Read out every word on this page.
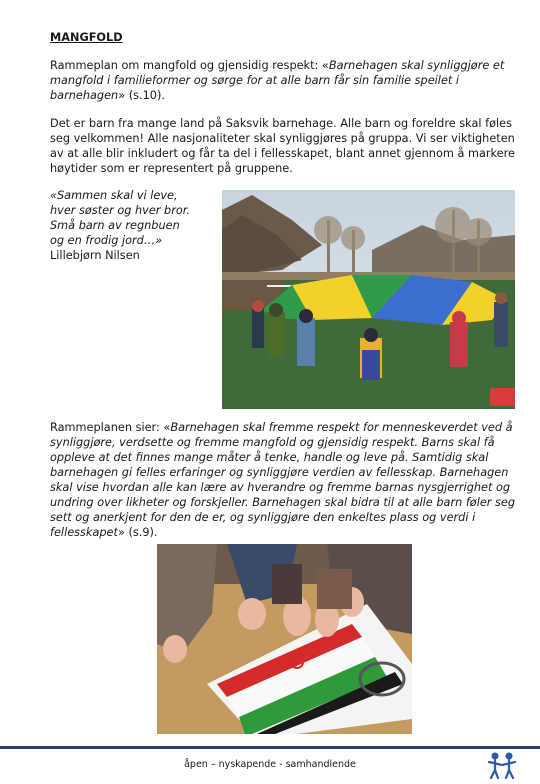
MANGFOLD
Rammeplan om mangfold og gjensidig respekt: «Barnehagen skal synliggjøre et mangfold i familieformer og sørge for at alle barn får sin familie speilet i barnehagen» (s.10).
Det er barn fra mange land på Saksvik barnehage. Alle barn og foreldre skal føles seg velkommen! Alle nasjonaliteter skal synliggjøres på gruppa. Vi ser viktigheten av at alle blir inkludert og får ta del i fellesskapet, blant annet gjennom å markere høytider som er representert på gruppene.
«Sammen skal vi leve,
hver søster og hver bror.
Små barn av regnbuen
og en frodig jord…»
Lillebjørn Nilsen
Rammeplanen sier: «Barnehagen skal fremme respekt for menneskeverdet ved å synliggjøre, verdsette og fremme mangfold og gjensidig respekt. Barns skal få oppleve at det finnes mange måter å tenke, handle og leve på. Samtidig skal barnehagen gi felles erfaringer og synliggjøre verdien av fellesskap. Barnehagen skal vise hvordan alle kan lære av hverandre og fremme barnas nysgjerrighet og undring over likheter og forskjeller. Barnehagen skal bidra til at alle barn føler seg sett og anerkjent for den de er, og synliggjøre den enkeltes plass og verdi i fellesskapet» (s.9).
åpen – nyskapende - samhandlende
